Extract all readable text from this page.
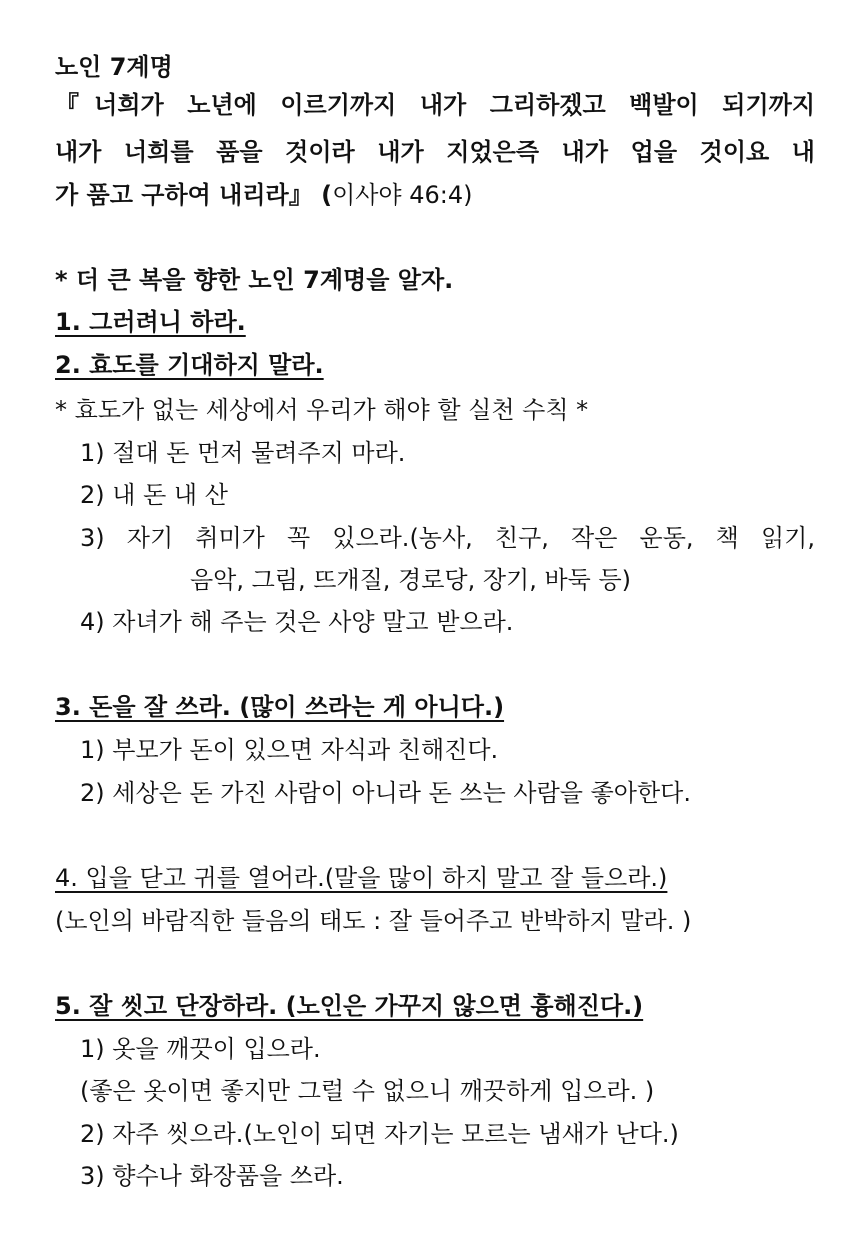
노인 7계명
『너희가 노년에 이르기까지 내가 그리하겠고 백발이 되기까지
내가 너희를 품을 것이라 내가 지었은즉 내가 업을 것이요 내
가 품고 구하여 내리라』 (이사야 46:4)
* 더 큰 복을 향한 노인 7계명을 알자.
1. 그러려니 하라.
2. 효도를 기대하지 말라.
* 효도가 없는 세상에서 우리가 해야 할 실천 수칙 *
1) 절대 돈 먼저 물려주지 마라.
2) 내 돈 내 산
3) 자기 취미가 꼭 있으라.(농사, 친구, 작은 운동, 책 읽기,
음악, 그림, 뜨개질, 경로당, 장기, 바둑 등)
4) 자녀가 해 주는 것은 사양 말고 받으라.
3. 돈을 잘 쓰라. (많이 쓰라는 게 아니다.)
1) 부모가 돈이 있으면 자식과 친해진다.
2) 세상은 돈 가진 사람이 아니라 돈 쓰는 사람을 좋아한다.
4. 입을 닫고 귀를 열어라.(말을 많이 하지 말고 잘 들으라.)
(노인의 바람직한 들음의 태도 : 잘 들어주고 반박하지 말라. )
5. 잘 씻고 단장하라. (노인은 가꾸지 않으면 흉해진다.)
1) 옷을 깨끗이 입으라.
(좋은 옷이면 좋지만 그럴 수 없으니 깨끗하게 입으라. )
2) 자주 씻으라.(노인이 되면 자기는 모르는 냄새가 난다.)
3) 향수나 화장품을 쓰라.
